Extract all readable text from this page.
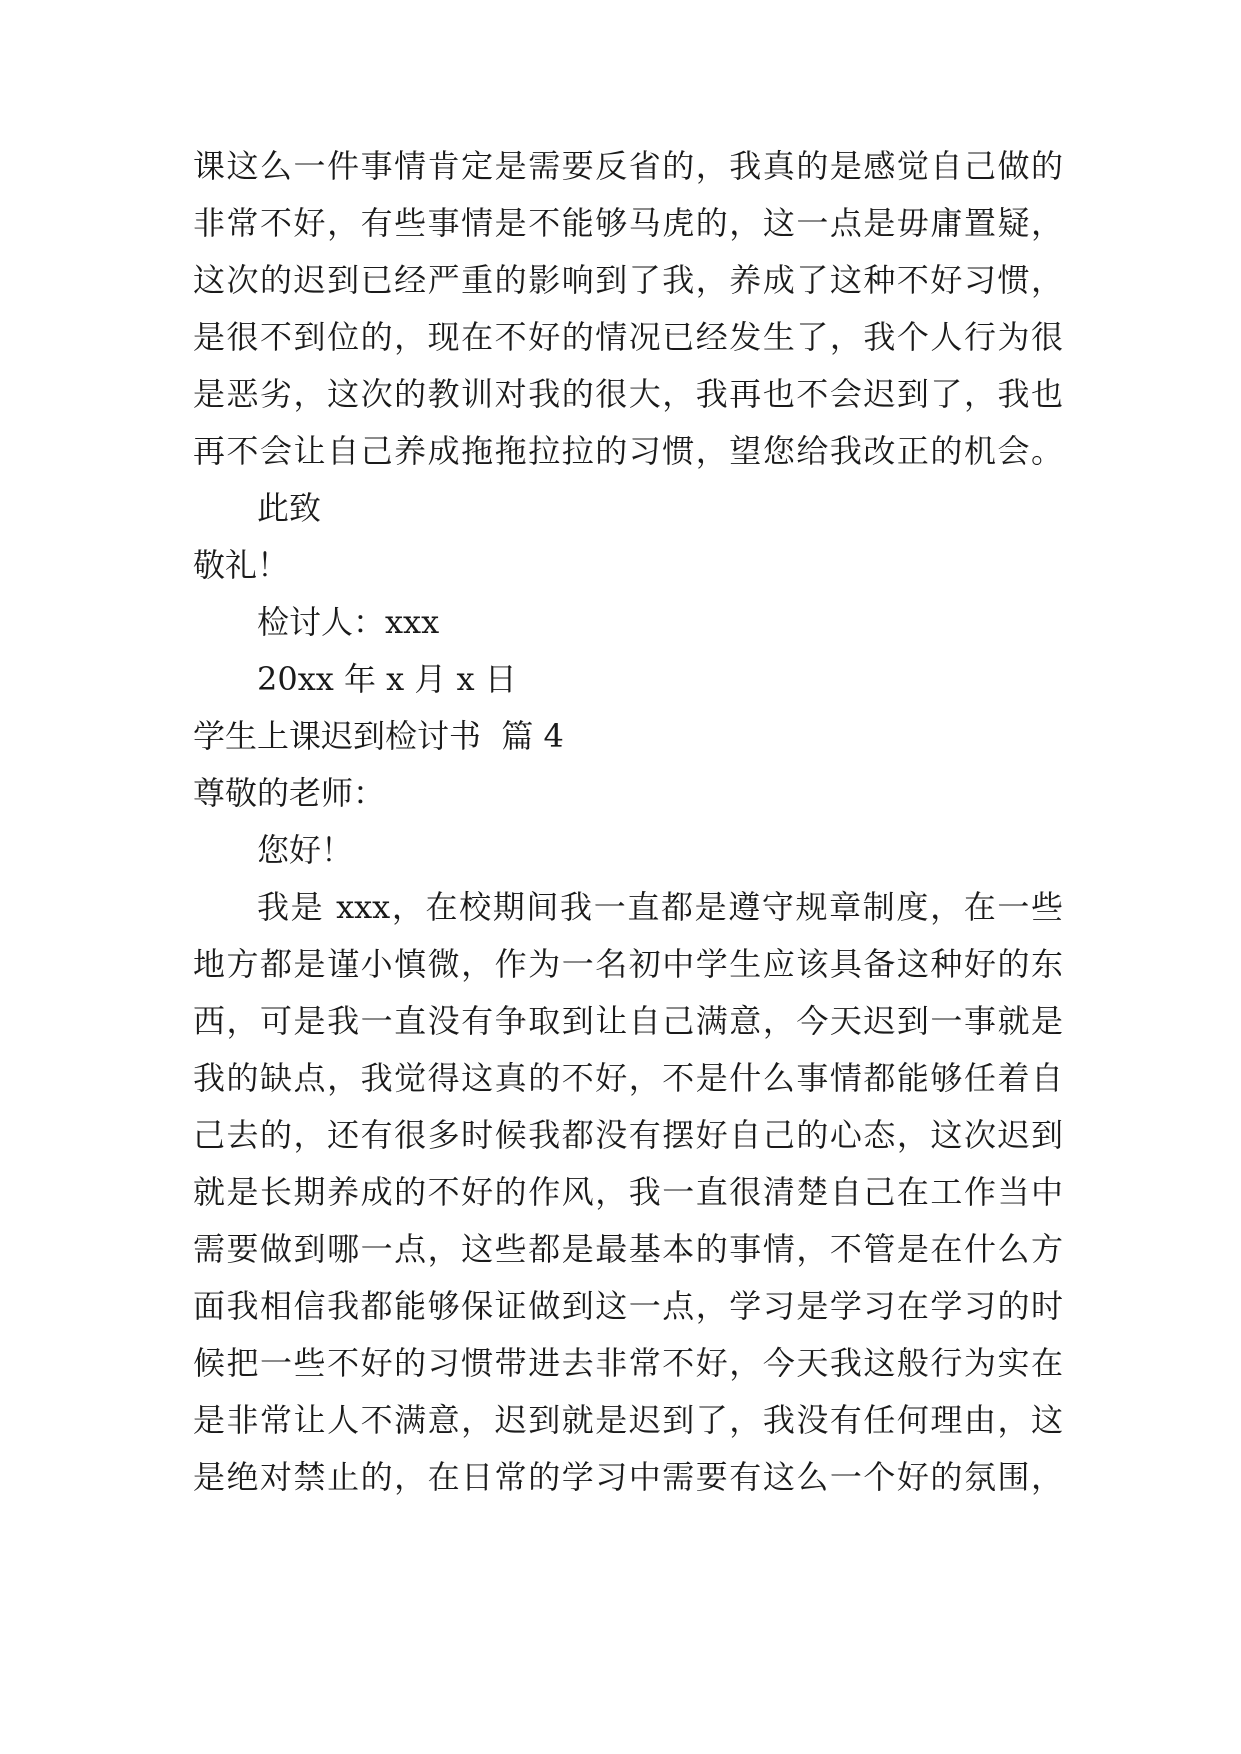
课这么一件事情肯定是需要反省的，我真的是感觉自己做的
非常不好，有些事情是不能够马虎的，这一点是毋庸置疑，
这次的迟到已经严重的影响到了我，养成了这种不好习惯，
是很不到位的，现在不好的情况已经发生了，我个人行为很
是恶劣，这次的教训对我的很大，我再也不会迟到了，我也
再不会让自己养成拖拖拉拉的习惯，望您给我改正的机会。
此致
敬礼！
检讨人：xxx
20xx 年 x 月 x 日
学生上课迟到检讨书  篇 4
尊敬的老师：
您好！
我是 xxx，在校期间我一直都是遵守规章制度，在一些
地方都是谨小慎微，作为一名初中学生应该具备这种好的东
西，可是我一直没有争取到让自己满意，今天迟到一事就是
我的缺点，我觉得这真的不好，不是什么事情都能够任着自
己去的，还有很多时候我都没有摆好自己的心态，这次迟到
就是长期养成的不好的作风，我一直很清楚自己在工作当中
需要做到哪一点，这些都是最基本的事情，不管是在什么方
面我相信我都能够保证做到这一点，学习是学习在学习的时
候把一些不好的习惯带进去非常不好，今天我这般行为实在
是非常让人不满意，迟到就是迟到了，我没有任何理由，这
是绝对禁止的，在日常的学习中需要有这么一个好的氛围，
